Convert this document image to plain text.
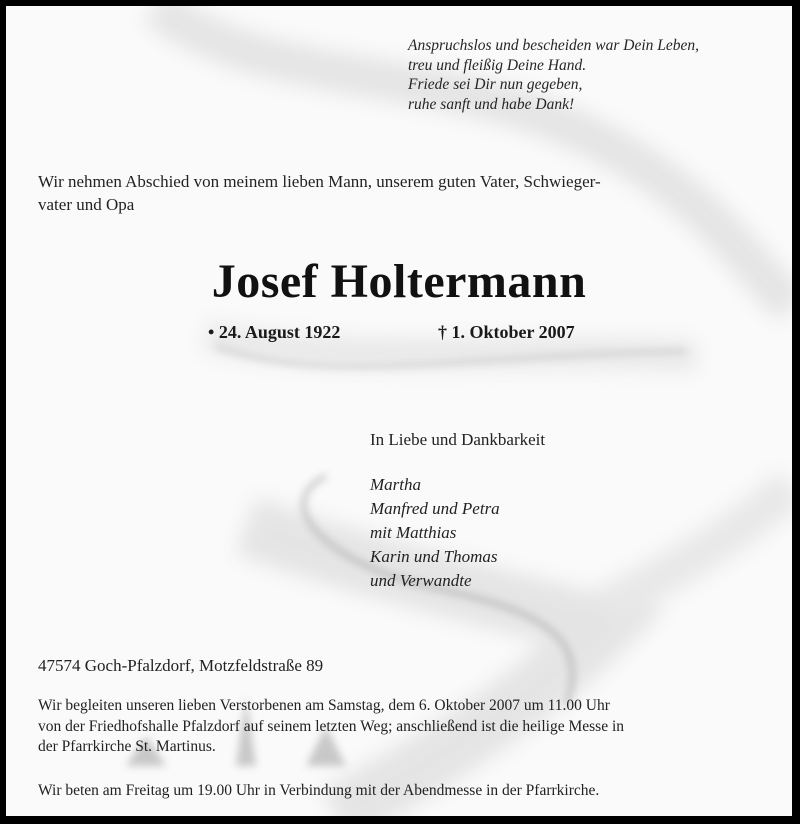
Anspruchslos und bescheiden war Dein Leben,
treu und fleißig Deine Hand.
Friede sei Dir nun gegeben,
ruhe sanft und habe Dank!
Wir nehmen Abschied von meinem lieben Mann, unserem guten Vater, Schwieger-
vater und Opa
Josef Holtermann
• 24. August 1922	† 1. Oktober 2007
In Liebe und Dankbarkeit
Martha
Manfred und Petra
mit Matthias
Karin und Thomas
und Verwandte
47574 Goch-Pfalzdorf, Motzfeldstraße 89
Wir begleiten unseren lieben Verstorbenen am Samstag, dem 6. Oktober 2007 um 11.00 Uhr
von der Friedhofshalle Pfalzdorf auf seinem letzten Weg; anschließend ist die heilige Messe in
der Pfarrkirche St. Martinus.
Wir beten am Freitag um 19.00 Uhr in Verbindung mit der Abendmesse in der Pfarrkirche.
